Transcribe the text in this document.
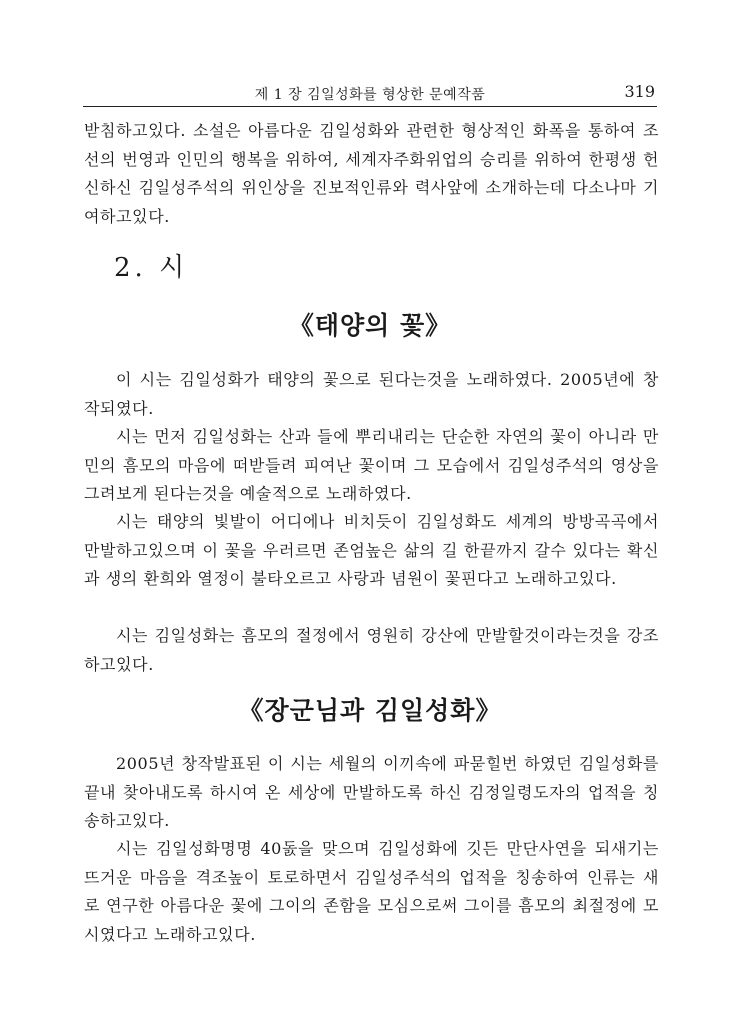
제 1 장 김일성화를 형상한 문예작품	319

받침하고있다. 소설은 아름다운 김일성화와 관련한 형상적인 화폭을 통하여 조선의 번영과 인민의 행복을 위하여, 세계자주화위업의 승리를 위하여 한평생 헌신하신 김일성주석의 위인상을 진보적인류와 력사앞에 소개하는데 다소나마 기여하고있다.

2. 시
《태양의 꽃》

이 시는 김일성화가 태양의 꽃으로 된다는것을 노래하였다. 2005년에 창작되였다.

시는 먼저 김일성화는 산과 들에 뿌리내리는 단순한 자연의 꽃이 아니라 만민의 흠모의 마음에 떠받들려 피여난 꽃이며 그 모습에서 김일성주석의 영상을 그려보게 된다는것을 예술적으로 노래하였다.

시는 태양의 빛발이 어디에나 비치듯이 김일성화도 세계의 방방곡곡에서 만발하고있으며 이 꽃을 우러르면 존엄높은 삶의 길 한끝까지 갈수 있다는 확신과 생의 환희와 열정이 불타오르고 사랑과 념원이 꽃핀다고 노래하고있다.

시는 김일성화는 흠모의 절정에서 영원히 강산에 만발할것이라는것을 강조하고있다.

《장군님과 김일성화》

2005년 창작발표된 이 시는 세월의 이끼속에 파묻힐번 하였던 김일성화를 끝내 찾아내도록 하시여 온 세상에 만발하도록 하신 김정일령도자의 업적을 칭송하고있다.

시는 김일성화명명 40돐을 맞으며 김일성화에 깃든 만단사연을 되새기는 뜨거운 마음을 격조높이 토로하면서 김일성주석의 업적을 칭송하여 인류는 새로 연구한 아름다운 꽃에 그이의 존함을 모심으로써 그이를 흠모의 최절정에 모시였다고 노래하고있다.
